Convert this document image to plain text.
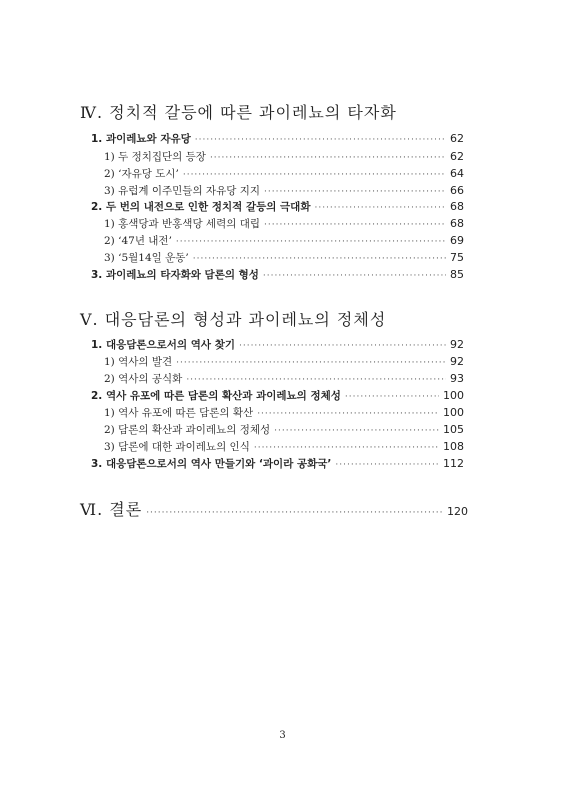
Ⅳ. 정치적 갈등에 따른 과이레뇨의 타자화
1. 과이레뇨와 자유당 ·····	62
1) 두 정치집단의 등장 ·····	62
2) ‘자유당 도시’ ·····	64
3) 유럽계 이주민들의 자유당 지지 ·····	66
2. 두 번의 내전으로 인한 정치적 갈등의 극대화 ·····	68
1) 홍색당과 반홍색당 세력의 대립 ·····	68
2) ‘47년 내전’ ·····	69
3) ‘5월14일 운동’ ·····	75
3. 과이레뇨의 타자화와 담론의 형성 ·····	85
Ⅴ. 대응담론의 형성과 과이레뇨의 정체성
1. 대응담론으로서의 역사 찾기 ·····	92
1) 역사의 발견 ·····	92
2) 역사의 공식화 ·····	93
2. 역사 유포에 따른 담론의 확산과 과이레뇨의 정체성 ·····	100
1) 역사 유포에 따른 담론의 확산 ·····	100
2) 담론의 확산과 과이레뇨의 정체성 ·····	105
3) 담론에 대한 과이레뇨의 인식 ·····	108
3. 대응담론으로서의 역사 만들기와 ‘과이라 공화국’ ·····	112
Ⅵ. 결론 ·····	120
3
